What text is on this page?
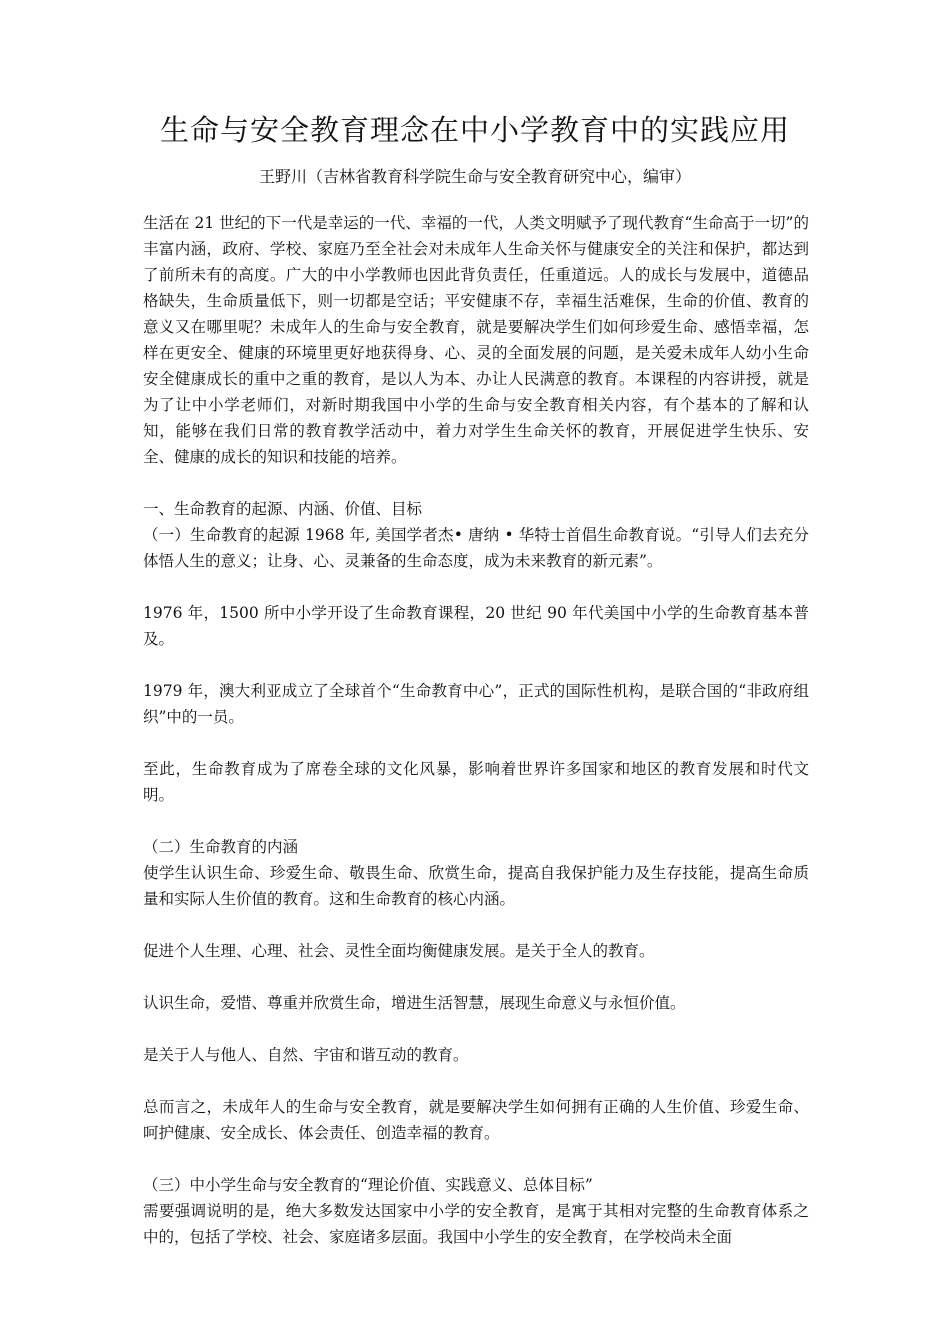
生命与安全教育理念在中小学教育中的实践应用

王野川（吉林省教育科学院生命与安全教育研究中心，编审）

生活在 21 世纪的下一代是幸运的一代、幸福的一代，人类文明赋予了现代教育“生命高于一切”的丰富内涵，政府、学校、家庭乃至全社会对未成年人生命关怀与健康安全的关注和保护，都达到了前所未有的高度。广大的中小学教师也因此背负责任，任重道远。人的成长与发展中，道德品格缺失，生命质量低下，则一切都是空话；平安健康不存，幸福生活难保，生命的价值、教育的意义又在哪里呢？未成年人的生命与安全教育，就是要解决学生们如何珍爱生命、感悟幸福，怎样在更安全、健康的环境里更好地获得身、心、灵的全面发展的问题，是关爱未成年人幼小生命安全健康成长的重中之重的教育，是以人为本、办让人民满意的教育。本课程的内容讲授，就是为了让中小学老师们，对新时期我国中小学的生命与安全教育相关内容，有个基本的了解和认知，能够在我们日常的教育教学活动中，着力对学生生命关怀的教育，开展促进学生快乐、安全、健康的成长的知识和技能的培养。

一、生命教育的起源、内涵、价值、目标

（一）生命教育的起源 1968 年, 美国学者杰• 唐纳 • 华特士首倡生命教育说。“引导人们去充分体悟人生的意义；让身、心、灵兼备的生命态度，成为未来教育的新元素”。

1976 年，1500 所中小学开设了生命教育课程，20 世纪 90 年代美国中小学的生命教育基本普及。

1979 年，澳大利亚成立了全球首个“生命教育中心”，正式的国际性机构，是联合国的“非政府组织”中的一员。

至此，生命教育成为了席卷全球的文化风暴，影响着世界许多国家和地区的教育发展和时代文明。

（二）生命教育的内涵

使学生认识生命、珍爱生命、敬畏生命、欣赏生命，提高自我保护能力及生存技能，提高生命质量和实际人生价值的教育。这和生命教育的核心内涵。

促进个人生理、心理、社会、灵性全面均衡健康发展。是关于全人的教育。

认识生命，爱惜、尊重并欣赏生命，增进生活智慧，展现生命意义与永恒价值。

是关于人与他人、自然、宇宙和谐互动的教育。

总而言之，未成年人的生命与安全教育，就是要解决学生如何拥有正确的人生价值、珍爱生命、呵护健康、安全成长、体会责任、创造幸福的教育。

（三）中小学生命与安全教育的“理论价值、实践意义、总体目标”

需要强调说明的是，绝大多数发达国家中小学的安全教育，是寓于其相对完整的生命教育体系之中的，包括了学校、社会、家庭诸多层面。我国中小学生的安全教育，在学校尚未全面
